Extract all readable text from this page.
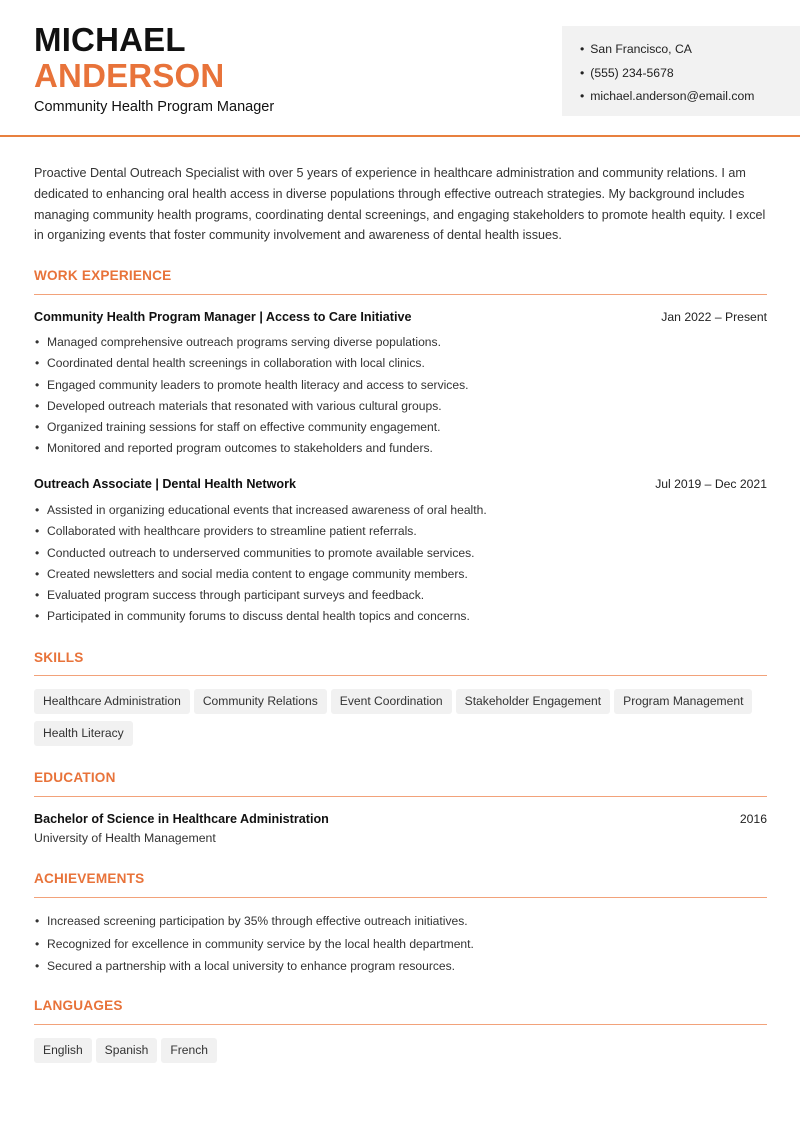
MICHAEL
ANDERSON
Community Health Program Manager
• San Francisco, CA
• (555) 234-5678
• michael.anderson@email.com

Proactive Dental Outreach Specialist with over 5 years of experience in healthcare administration and community relations. I am dedicated to enhancing oral health access in diverse populations through effective outreach strategies. My background includes managing community health programs, coordinating dental screenings, and engaging stakeholders to promote health equity. I excel in organizing events that foster community involvement and awareness of dental health issues.

WORK EXPERIENCE
Community Health Program Manager | Access to Care Initiative	Jan 2022 – Present
• Managed comprehensive outreach programs serving diverse populations.
• Coordinated dental health screenings in collaboration with local clinics.
• Engaged community leaders to promote health literacy and access to services.
• Developed outreach materials that resonated with various cultural groups.
• Organized training sessions for staff on effective community engagement.
• Monitored and reported program outcomes to stakeholders and funders.
Outreach Associate | Dental Health Network	Jul 2019 – Dec 2021
• Assisted in organizing educational events that increased awareness of oral health.
• Collaborated with healthcare providers to streamline patient referrals.
• Conducted outreach to underserved communities to promote available services.
• Created newsletters and social media content to engage community members.
• Evaluated program success through participant surveys and feedback.
• Participated in community forums to discuss dental health topics and concerns.
SKILLS
Healthcare Administration Community Relations Event Coordination Stakeholder Engagement Program ManagementHealth Literacy
EDUCATION
Bachelor of Science in Healthcare Administration	2016
University of Health Management
ACHIEVEMENTS
• Increased screening participation by 35% through effective outreach initiatives.
• Recognized for excellence in community service by the local health department.
• Secured a partnership with a local university to enhance program resources.
LANGUAGES
English Spanish French
